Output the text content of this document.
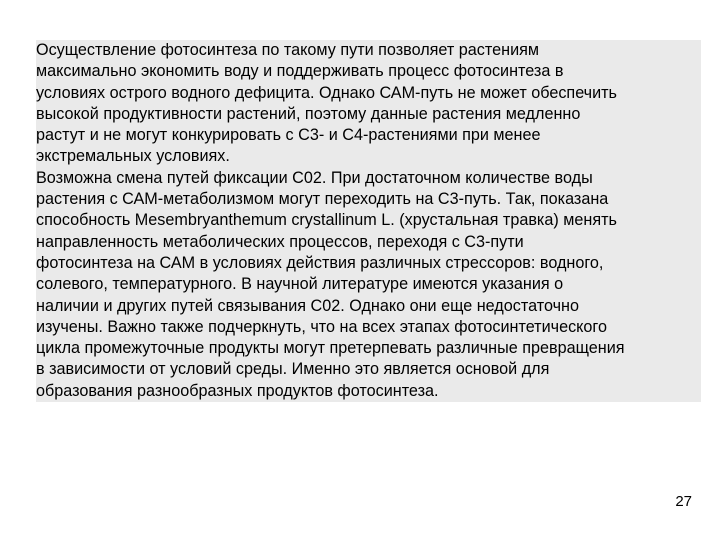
Осуществление фотосинтеза по такому пути позволяет растениям
максимально экономить воду и поддерживать процесс фотосинтеза в
условиях острого водного дефицита. Однако САМ-путь не может обеспечить
высокой продуктивности растений, поэтому данные растения медленно
растут и не могут конкурировать с С3- и С4-растениями при менее
экстремальных условиях.
Возможна смена путей фиксации С02. При достаточном количестве воды
растения с САМ-метаболизмом могут переходить на С3-путь. Так, показана
способность Mesembryanthemum crystallinum L. (хрустальная травка) менять
направленность метаболических процессов, переходя с С3-пути
фотосинтеза на САМ в условиях действия различных стрессоров: водного,
солевого, температурного. В научной литературе имеются указания о
наличии и других путей связывания С02. Однако они еще недостаточно
изучены. Важно также подчеркнуть, что на всех этапах фотосинтетического
цикла промежуточные продукты могут претерпевать различные превращения
в зависимости от условий среды. Именно это является основой для
образования разнообразных продуктов фотосинтеза.
27
